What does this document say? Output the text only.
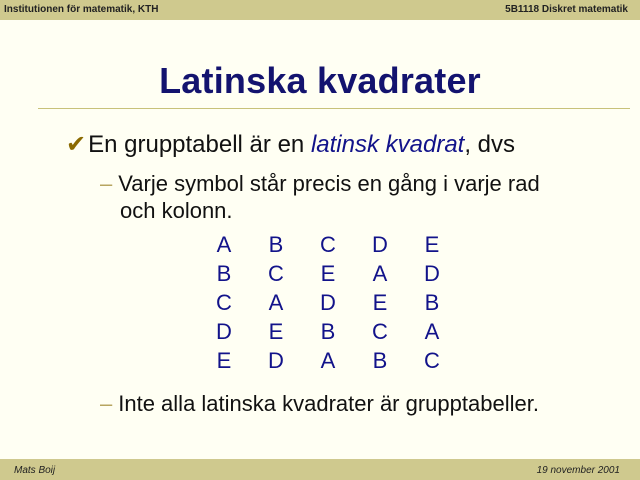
Institutionen för matematik, KTH	5B1118 Diskret matematik
Latinska kvadrater
✔En grupptabell är en latinsk kvadrat, dvs
– Varje symbol står precis en gång i varje rad
och kolonn.
A	B	C	D	E
B	C	E	A	D
C	A	D	E	B
D	E	B	C	A
E	D	A	B	C
– Inte alla latinska kvadrater är grupptabeller.
Mats Boij	19 november 2001
